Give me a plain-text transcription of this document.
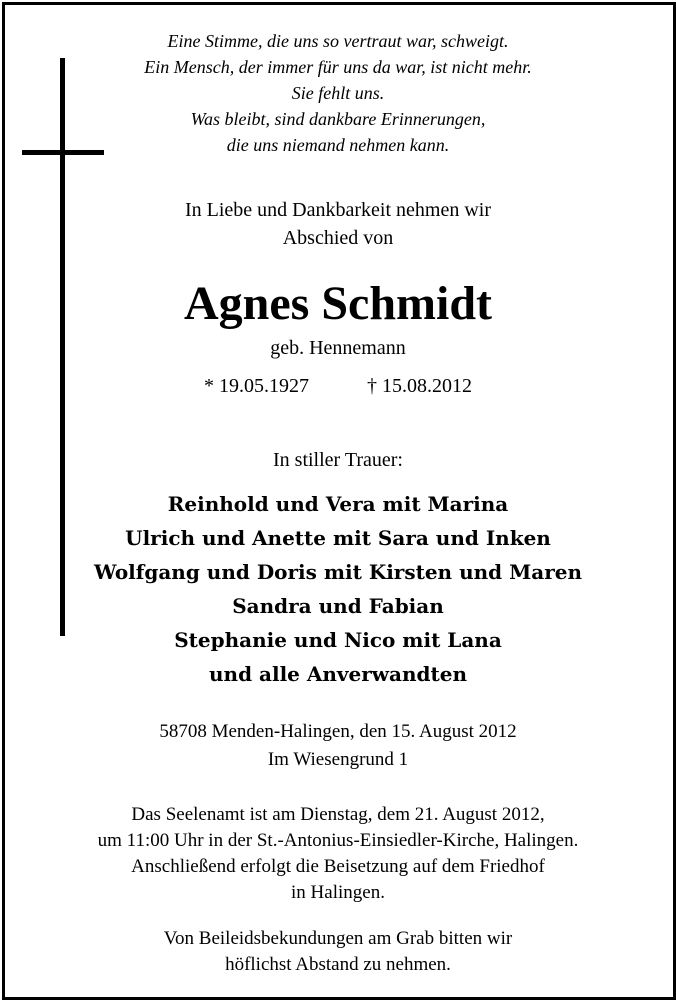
Eine Stimme, die uns so vertraut war, schweigt.
Ein Mensch, der immer für uns da war, ist nicht mehr.
Sie fehlt uns.
Was bleibt, sind dankbare Erinnerungen,
die uns niemand nehmen kann.
In Liebe und Dankbarkeit nehmen wir
Abschied von
Agnes Schmidt
geb. Hennemann
* 19.05.1927	† 15.08.2012
In stiller Trauer:
Reinhold und Vera mit Marina
Ulrich und Anette mit Sara und Inken
Wolfgang und Doris mit Kirsten und Maren
Sandra und Fabian
Stephanie und Nico mit Lana
und alle Anverwandten
58708 Menden-Halingen, den 15. August 2012
Im Wiesengrund 1
Das Seelenamt ist am Dienstag, dem 21. August 2012,
um 11:00 Uhr in der St.-Antonius-Einsiedler-Kirche, Halingen.
Anschließend erfolgt die Beisetzung auf dem Friedhof
in Halingen.
Von Beileidsbekundungen am Grab bitten wir
höflichst Abstand zu nehmen.
